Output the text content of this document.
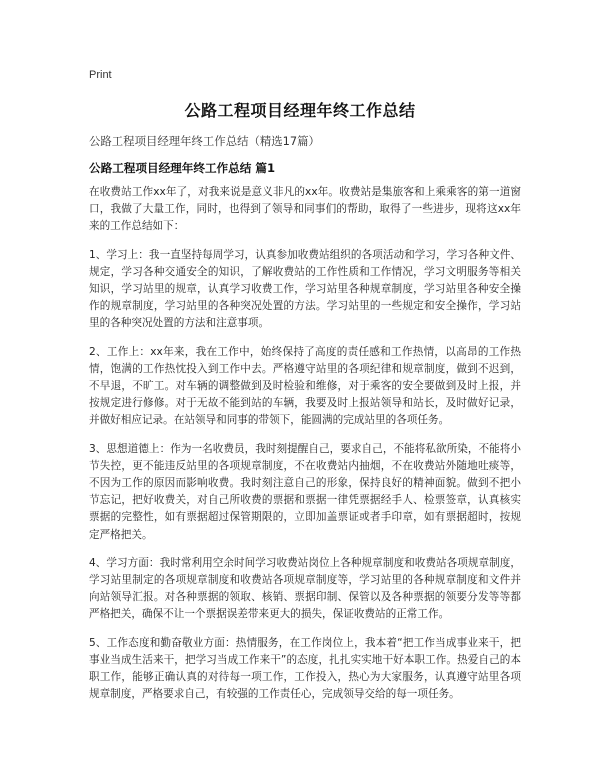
Print
公路工程项目经理年终工作总结
公路工程项目经理年终工作总结（精选17篇）
公路工程项目经理年终工作总结 篇1

在收费站工作xx年了，对我来说是意义非凡的xx年。收费站是集旅客和上乘乘客的第一道窗口，我做了大量工作，同时，也得到了领导和同事们的帮助，取得了一些进步，现将这xx年来的工作总结如下：

1、学习上：我一直坚持每周学习，认真参加收费站组织的各项活动和学习，学习各种文件、规定，学习各种交通安全的知识，了解收费站的工作性质和工作情况，学习文明服务等相关知识，学习站里的规章，认真学习收费工作，学习站里各种规章制度，学习站里各种安全操作的规章制度，学习站里的各种突况处置的方法。学习站里的一些规定和安全操作，学习站里的各种突况处置的方法和注意事项。

2、工作上：xx年来，我在工作中，始终保持了高度的责任感和工作热情，以高昂的工作热情，饱满的工作热忱投入到工作中去。严格遵守站里的各项纪律和规章制度，做到不迟到，不早退，不旷工。对车辆的调整做到及时检验和维修，对于乘客的安全要做到及时上报，并按规定进行修修。对于无故不能到站的车辆，我要及时上报站领导和站长，及时做好记录，并做好相应记录。在站领导和同事的带领下，能圆满的完成站里的各项任务。

3、思想道德上：作为一名收费员，我时刻提醒自己，要求自己，不能将私欲所染，不能将小节失控，更不能违反站里的各项规章制度，不在收费站内抽烟，不在收费站外随地吐痰等，不因为工作的原因而影响收费。我时刻注意自己的形象，保持良好的精神面貌。做到不把小节忘记，把好收费关，对自己所收费的票据和票据一律凭票据经手人、检票签章，认真核实票据的完整性，如有票据超过保管期限的，立即加盖票证或者手印章，如有票据超时，按规定严格把关。

4、学习方面：我时常利用空余时间学习收费站岗位上各种规章制度和收费站各项规章制度，学习站里制定的各项规章制度和收费站各项规章制度等，学习站里的各种规章制度和文件并向站领导汇报。对各种票据的领取、核销、票据印制、保管以及各种票据的领要分发等等都严格把关，确保不让一个票据误差带来更大的损失，保证收费站的正常工作。

5、工作态度和勤奋敬业方面：热情服务，在工作岗位上，我本着“把工作当成事业来干，把事业当成生活来干，把学习当成工作来干”的态度，扎扎实实地干好本职工作。热爱自己的本职工作，能够正确认真的对待每一项工作，工作投入，热心为大家服务，认真遵守站里各项规章制度，严格要求自己，有较强的工作责任心，完成领导交给的每一项任务。
